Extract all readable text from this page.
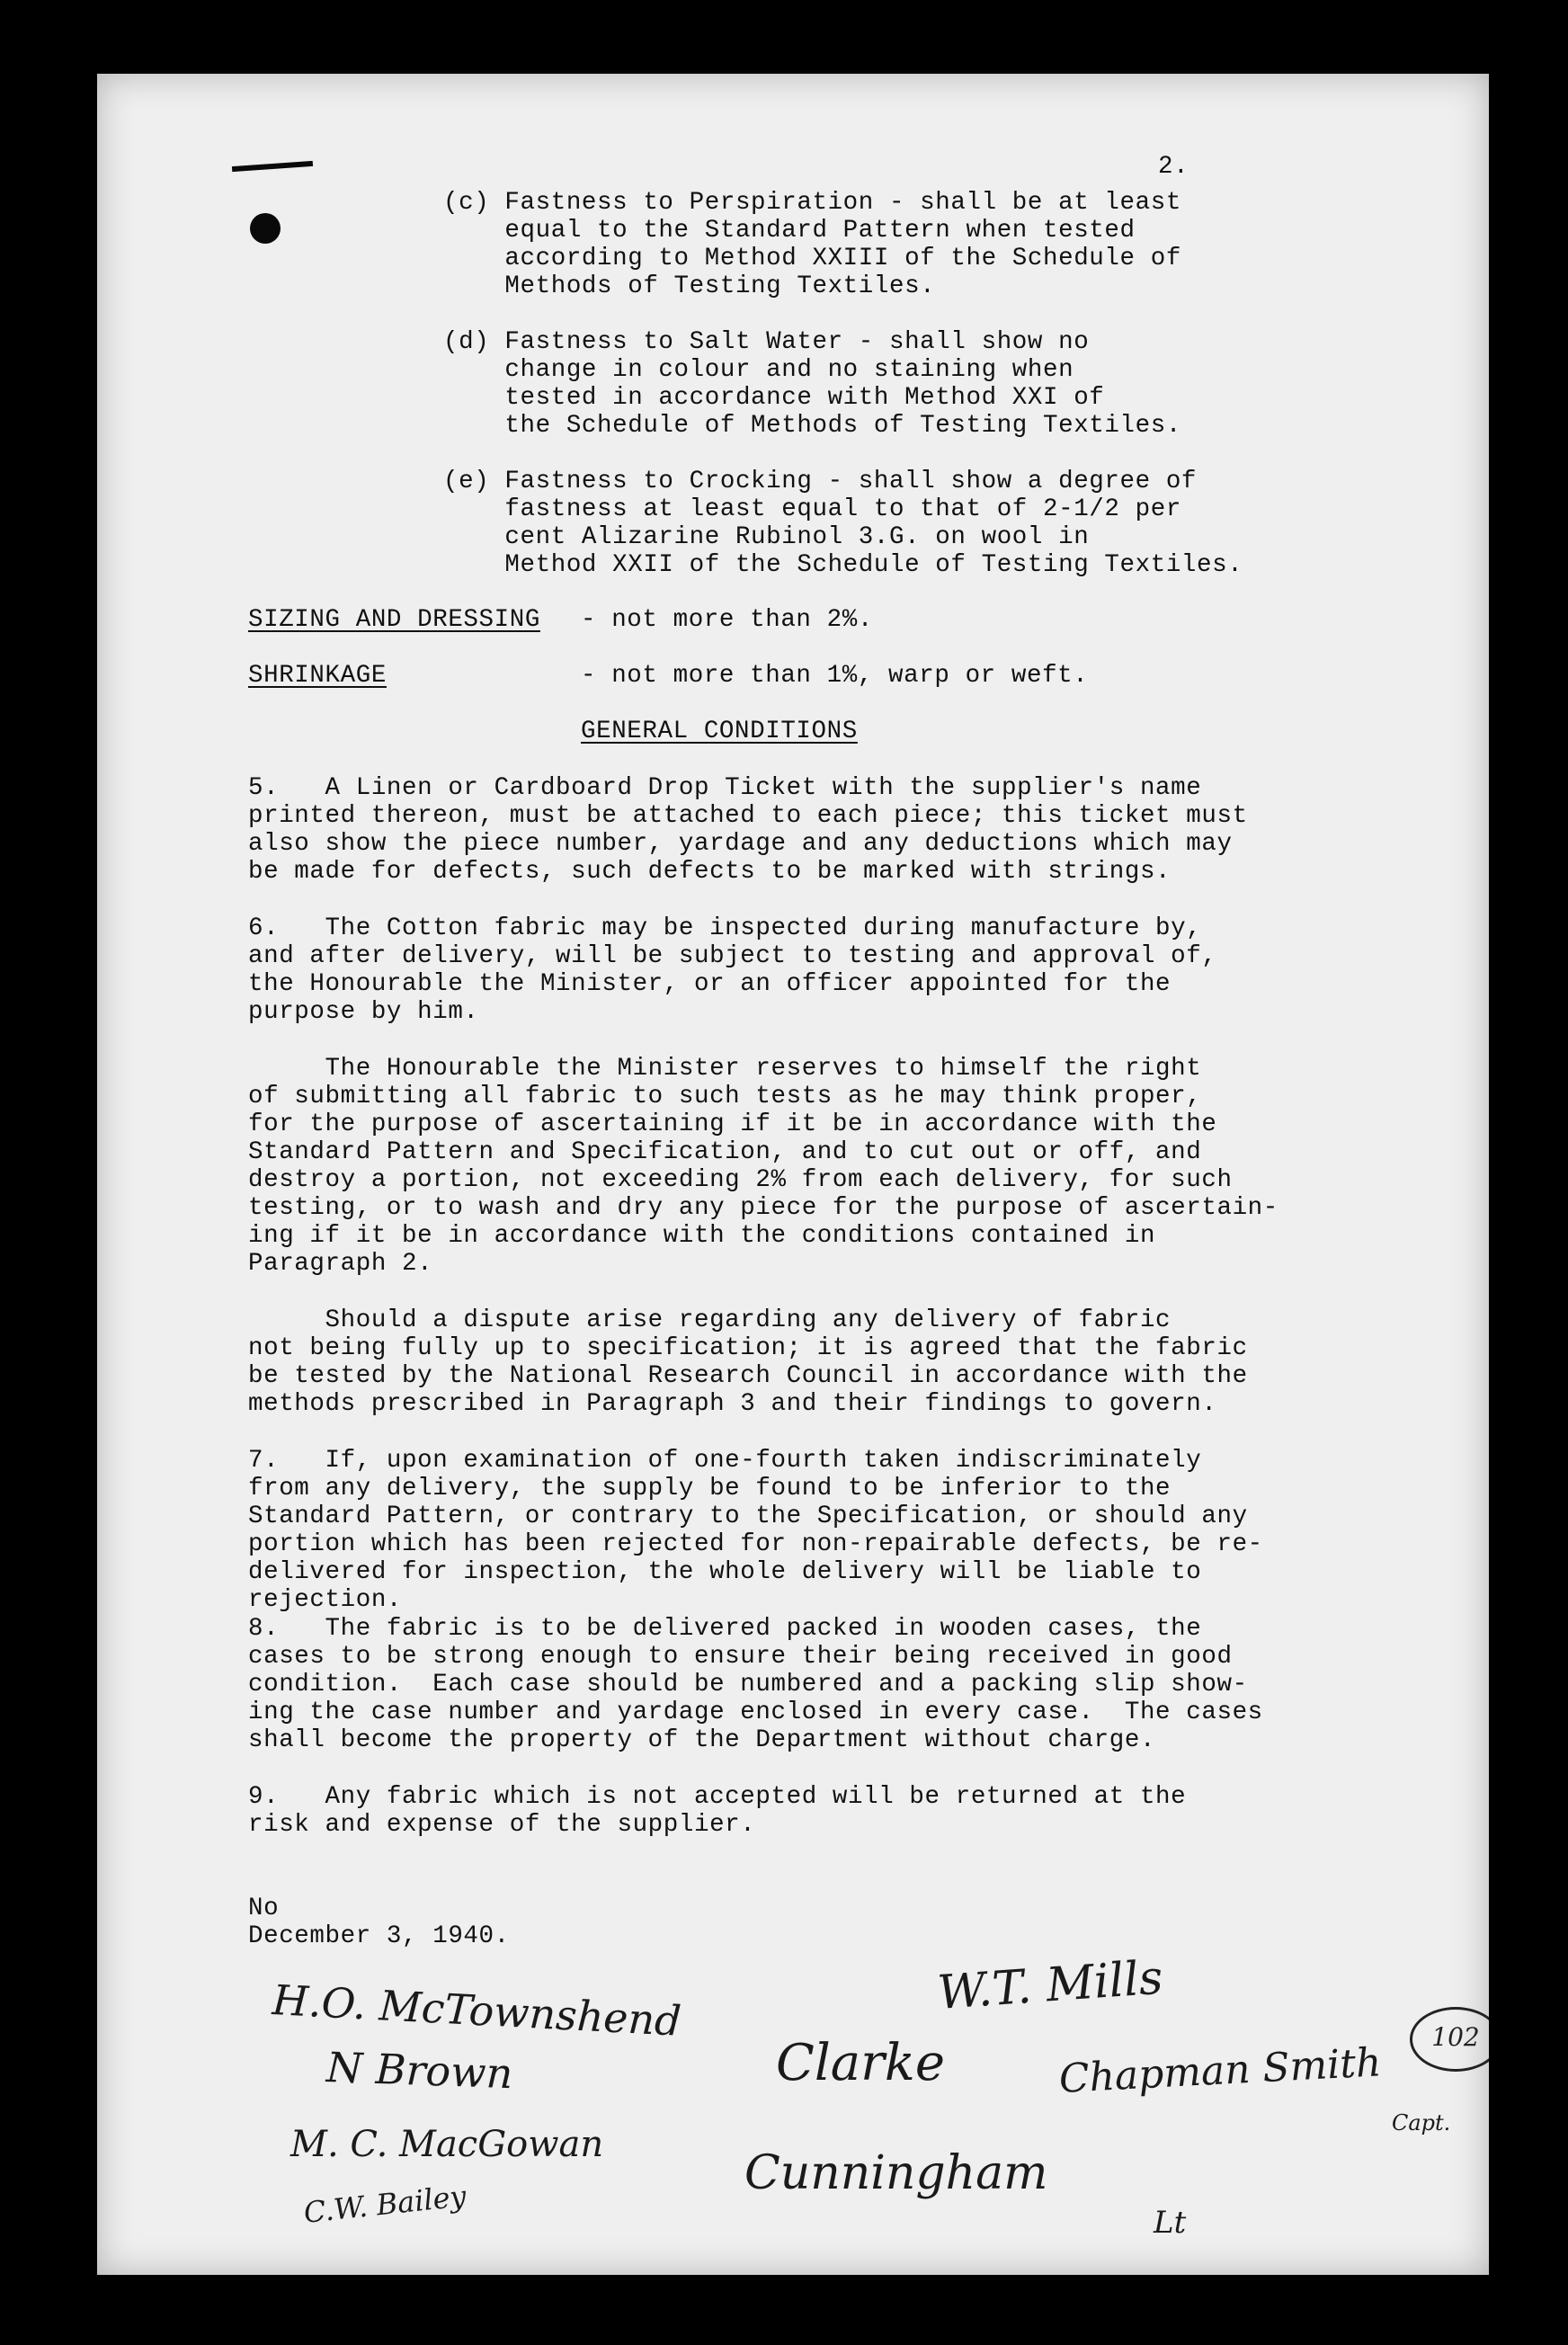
2.
(c) Fastness to Perspiration - shall be at least
equal to the Standard Pattern when tested
according to Method XXIII of the Schedule of
Methods of Testing Textiles.
(d) Fastness to Salt Water - shall show no
change in colour and no staining when
tested in accordance with Method XXI of
the Schedule of Methods of Testing Textiles.
(e) Fastness to Crocking - shall show a degree of
fastness at least equal to that of 2-1/2 per
cent Alizarine Rubinol 3.G. on wool in
Method XXII of the Schedule of Testing Textiles.
SIZING AND DRESSING - not more than 2%.
SHRINKAGE	- not more than 1%, warp or weft.
GENERAL CONDITIONS
5.   A Linen or Cardboard Drop Ticket with the supplier's name
printed thereon, must be attached to each piece; this ticket must
also show the piece number, yardage and any deductions which may
be made for defects, such defects to be marked with strings.
6.   The Cotton fabric may be inspected during manufacture by,
and after delivery, will be subject to testing and approval of,
the Honourable the Minister, or an officer appointed for the
purpose by him.
The Honourable the Minister reserves to himself the right
of submitting all fabric to such tests as he may think proper,
for the purpose of ascertaining if it be in accordance with the
Standard Pattern and Specification, and to cut out or off, and
destroy a portion, not exceeding 2% from each delivery, for such
testing, or to wash and dry any piece for the purpose of ascertain-
ing if it be in accordance with the conditions contained in
Paragraph 2.
Should a dispute arise regarding any delivery of fabric
not being fully up to specification; it is agreed that the fabric
be tested by the National Research Council in accordance with the
methods prescribed in Paragraph 3 and their findings to govern.
7.   If, upon examination of one-fourth taken indiscriminately
from any delivery, the supply be found to be inferior to the
Standard Pattern, or contrary to the Specification, or should any
portion which has been rejected for non-repairable defects, be re-
delivered for inspection, the whole delivery will be liable to
rejection.
8.   The fabric is to be delivered packed in wooden cases, the
cases to be strong enough to ensure their being received in good
condition.  Each case should be numbered and a packing slip show-
ing the case number and yardage enclosed in every case.  The cases
shall become the property of the Department without charge.
9.   Any fabric which is not accepted will be returned at the
risk and expense of the supplier.
No
December 3, 1940.
H.O. McTownshend
N Brown	Clarke
M. C. MacGowan
C.W. Bailey
W.T. Mills
Cunningham
Chapman Smith
Capt.
Lt
102
